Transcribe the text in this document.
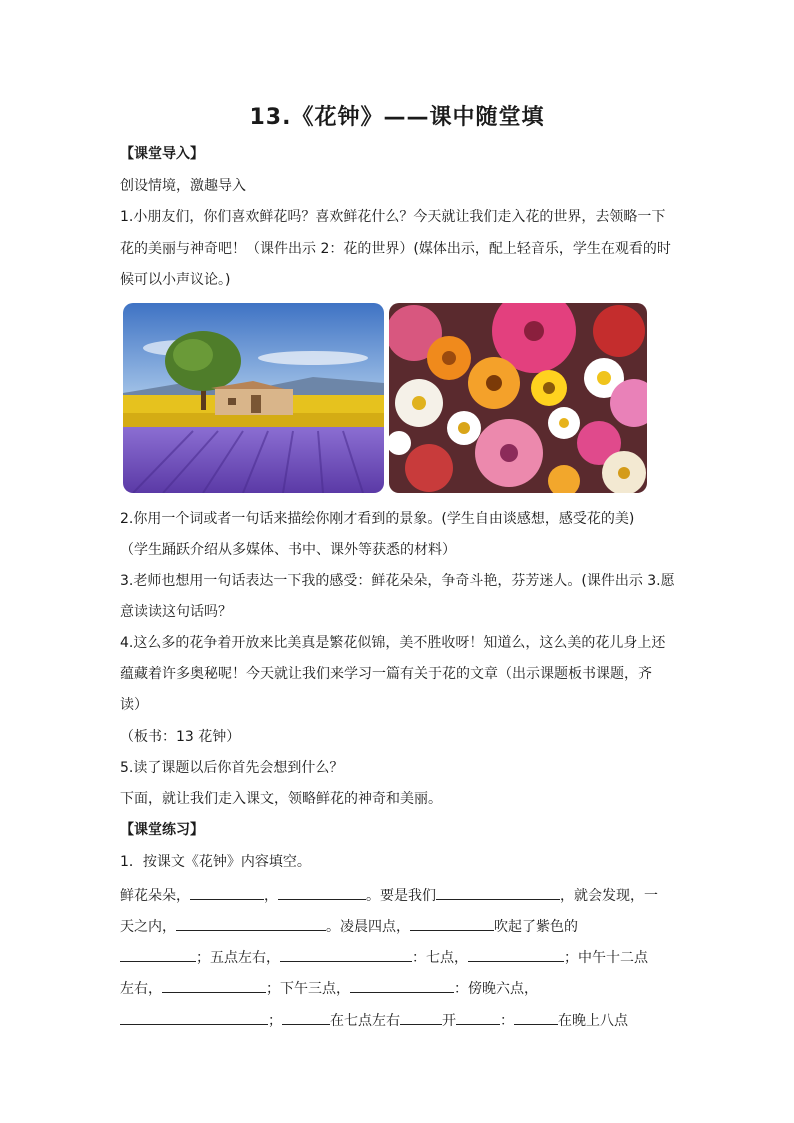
13.《花钟》——课中随堂填
【课堂导入】
创设情境，激趣导入
1.小朋友们，你们喜欢鲜花吗？喜欢鲜花什么？今天就让我们走入花的世界，去领略一下
花的美丽与神奇吧！（课件出示 2：花的世界）(媒体出示，配上轻音乐，学生在观看的时
候可以小声议论。)
2.你用一个词或者一句话来描绘你刚才看到的景象。(学生自由谈感想，感受花的美)
（学生踊跃介绍从多媒体、书中、课外等获悉的材料）
3.老师也想用一句话表达一下我的感受：鲜花朵朵，争奇斗艳，芬芳迷人。(课件出示 3.愿
意读读这句话吗？
4.这么多的花争着开放来比美真是繁花似锦，美不胜收呀！知道么，这么美的花儿身上还
蕴藏着许多奥秘呢！今天就让我们来学习一篇有关于花的文章（出示课题板书课题，齐
读）
（板书：13 花钟）
5.读了课题以后你首先会想到什么？
下面，就让我们走入课文，领略鲜花的神奇和美丽。
【课堂练习】
1．按课文《花钟》内容填空。
鲜花朵朵，	，	。要是我们	，就会发现，一
天之内，	。凌晨四点，	吹起了紫色的
；五点左右，	：七点，	；中午十二点
左右，	；下午三点，	：傍晚六点，
；	在七点左右	开	：	在晚上八点
